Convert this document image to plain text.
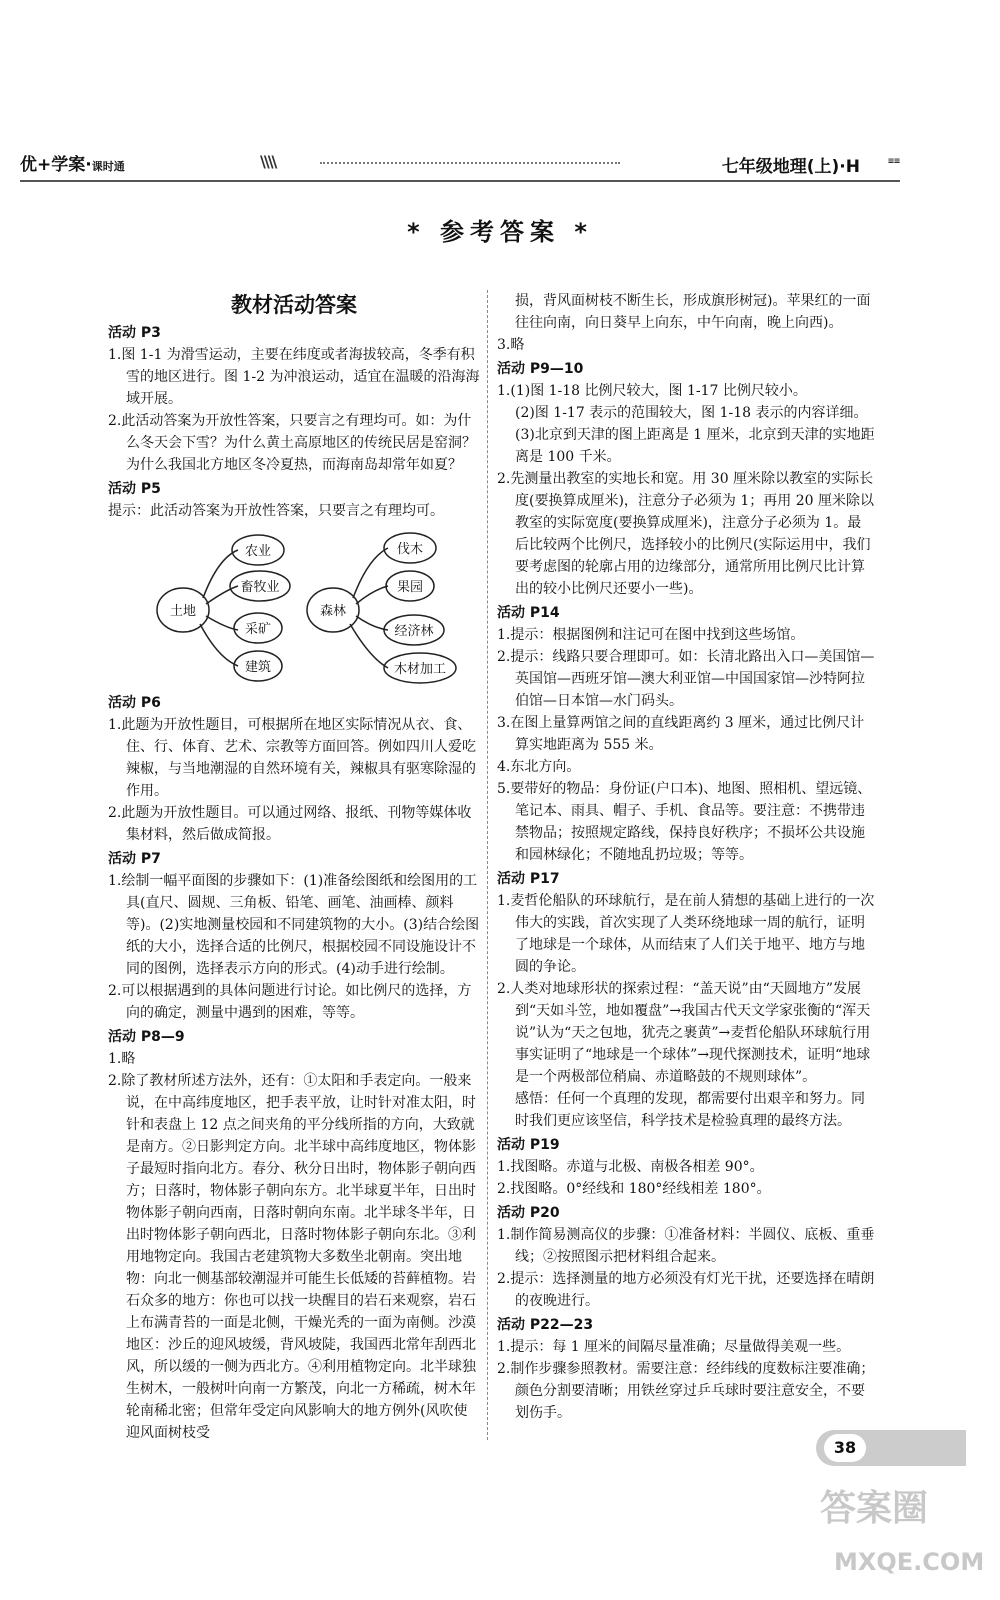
优+学案·课时通	\\\\	七年级地理(上)·H	≡≡
* 参考答案 *
教材活动答案
活动 P3

1.图 1-1 为滑雪运动，主要在纬度或者海拔较高，冬季有积雪的地区进行。图 1-2 为冲浪运动，适宜在温暖的沿海海域开展。

2.此活动答案为开放性答案，只要言之有理均可。如：为什么冬天会下雪？为什么黄土高原地区的传统民居是窑洞？为什么我国北方地区冬冷夏热，而海南岛却常年如夏？

活动 P5

提示：此活动答案为开放性答案，只要言之有理均可。

土地
农业
畜牧业
采矿
建筑
森林
伐木
果园
经济林
木材加工
活动 P6

1.此题为开放性题目，可根据所在地区实际情况从衣、食、住、行、体育、艺术、宗教等方面回答。例如四川人爱吃辣椒，与当地潮湿的自然环境有关，辣椒具有驱寒除湿的作用。

2.此题为开放性题目。可以通过网络、报纸、刊物等媒体收集材料，然后做成简报。

活动 P7

1.绘制一幅平面图的步骤如下：(1)准备绘图纸和绘图用的工具(直尺、圆规、三角板、铅笔、画笔、油画棒、颜料等)。(2)实地测量校园和不同建筑物的大小。(3)结合绘图纸的大小，选择合适的比例尺，根据校园不同设施设计不同的图例，选择表示方向的形式。(4)动手进行绘制。

2.可以根据遇到的具体问题进行讨论。如比例尺的选择，方向的确定，测量中遇到的困难，等等。

活动 P8—9

1.略

2.除了教材所述方法外，还有：①太阳和手表定向。一般来说，在中高纬度地区，把手表平放，让时针对准太阳，时针和表盘上 12 点之间夹角的平分线所指的方向，大致就是南方。②日影判定方向。北半球中高纬度地区，物体影子最短时指向北方。春分、秋分日出时，物体影子朝向西方；日落时，物体影子朝向东方。北半球夏半年，日出时物体影子朝向西南，日落时朝向东南。北半球冬半年，日出时物体影子朝向西北，日落时物体影子朝向东北。③利用地物定向。我国古老建筑物大多数坐北朝南。突出地物：向北一侧基部较潮湿并可能生长低矮的苔藓植物。岩石众多的地方：你也可以找一块醒目的岩石来观察，岩石上布满青苔的一面是北侧，干燥光秃的一面为南侧。沙漠地区：沙丘的迎风坡缓，背风坡陡，我国西北常年刮西北风，所以缓的一侧为西北方。④利用植物定向。北半球独生树木，一般树叶向南一方繁茂，向北一方稀疏，树木年轮南稀北密；但常年受定向风影响大的地方例外(风吹使迎风面树枝受

损，背风面树枝不断生长，形成旗形树冠)。苹果红的一面往往向南，向日葵早上向东，中午向南，晚上向西)。

3.略

活动 P9—10

1.(1)图 1-18 比例尺较大，图 1-17 比例尺较小。

(2)图 1-17 表示的范围较大，图 1-18 表示的内容详细。

(3)北京到天津的图上距离是 1 厘米，北京到天津的实地距离是 100 千米。

2.先测量出教室的实地长和宽。用 30 厘米除以教室的实际长度(要换算成厘米)，注意分子必须为 1；再用 20 厘米除以教室的实际宽度(要换算成厘米)，注意分子必须为 1。最后比较两个比例尺，选择较小的比例尺(实际运用中，我们要考虑图的轮廓占用的边缘部分，通常所用比例尺比计算出的较小比例尺还要小一些)。

活动 P14

1.提示：根据图例和注记可在图中找到这些场馆。

2.提示：线路只要合理即可。如：长清北路出入口—美国馆—英国馆—西班牙馆—澳大利亚馆—中国国家馆—沙特阿拉伯馆—日本馆—水门码头。

3.在图上量算两馆之间的直线距离约 3 厘米，通过比例尺计算实地距离为 555 米。

4.东北方向。

5.要带好的物品：身份证(户口本)、地图、照相机、望远镜、笔记本、雨具、帽子、手机、食品等。要注意：不携带违禁物品；按照规定路线，保持良好秩序；不损坏公共设施和园林绿化；不随地乱扔垃圾；等等。

活动 P17

1.麦哲伦船队的环球航行，是在前人猜想的基础上进行的一次伟大的实践，首次实现了人类环绕地球一周的航行，证明了地球是一个球体，从而结束了人们关于地平、地方与地圆的争论。

2.人类对地球形状的探索过程：“盖天说”由“天圆地方”发展到“天如斗笠，地如覆盘”→我国古代天文学家张衡的“浑天说”认为“天之包地，犹壳之裹黄”→麦哲伦船队环球航行用事实证明了“地球是一个球体”→现代探测技术，证明“地球是一个两极部位稍扁、赤道略鼓的不规则球体”。

感悟：任何一个真理的发现，都需要付出艰辛和努力。同时我们更应该坚信，科学技术是检验真理的最终方法。

活动 P19

1.找图略。赤道与北极、南极各相差 90°。

2.找图略。0°经线和 180°经线相差 180°。

活动 P20

1.制作简易测高仪的步骤：①准备材料：半圆仪、底板、重垂线；②按照图示把材料组合起来。

2.提示：选择测量的地方必须没有灯光干扰，还要选择在晴朗的夜晚进行。

活动 P22—23

1.提示：每 1 厘米的间隔尽量准确；尽量做得美观一些。

2.制作步骤参照教材。需要注意：经纬线的度数标注要准确；颜色分割要清晰；用铁丝穿过乒乓球时要注意安全，不要划伤手。

38
答案圈
MXQE.COM
